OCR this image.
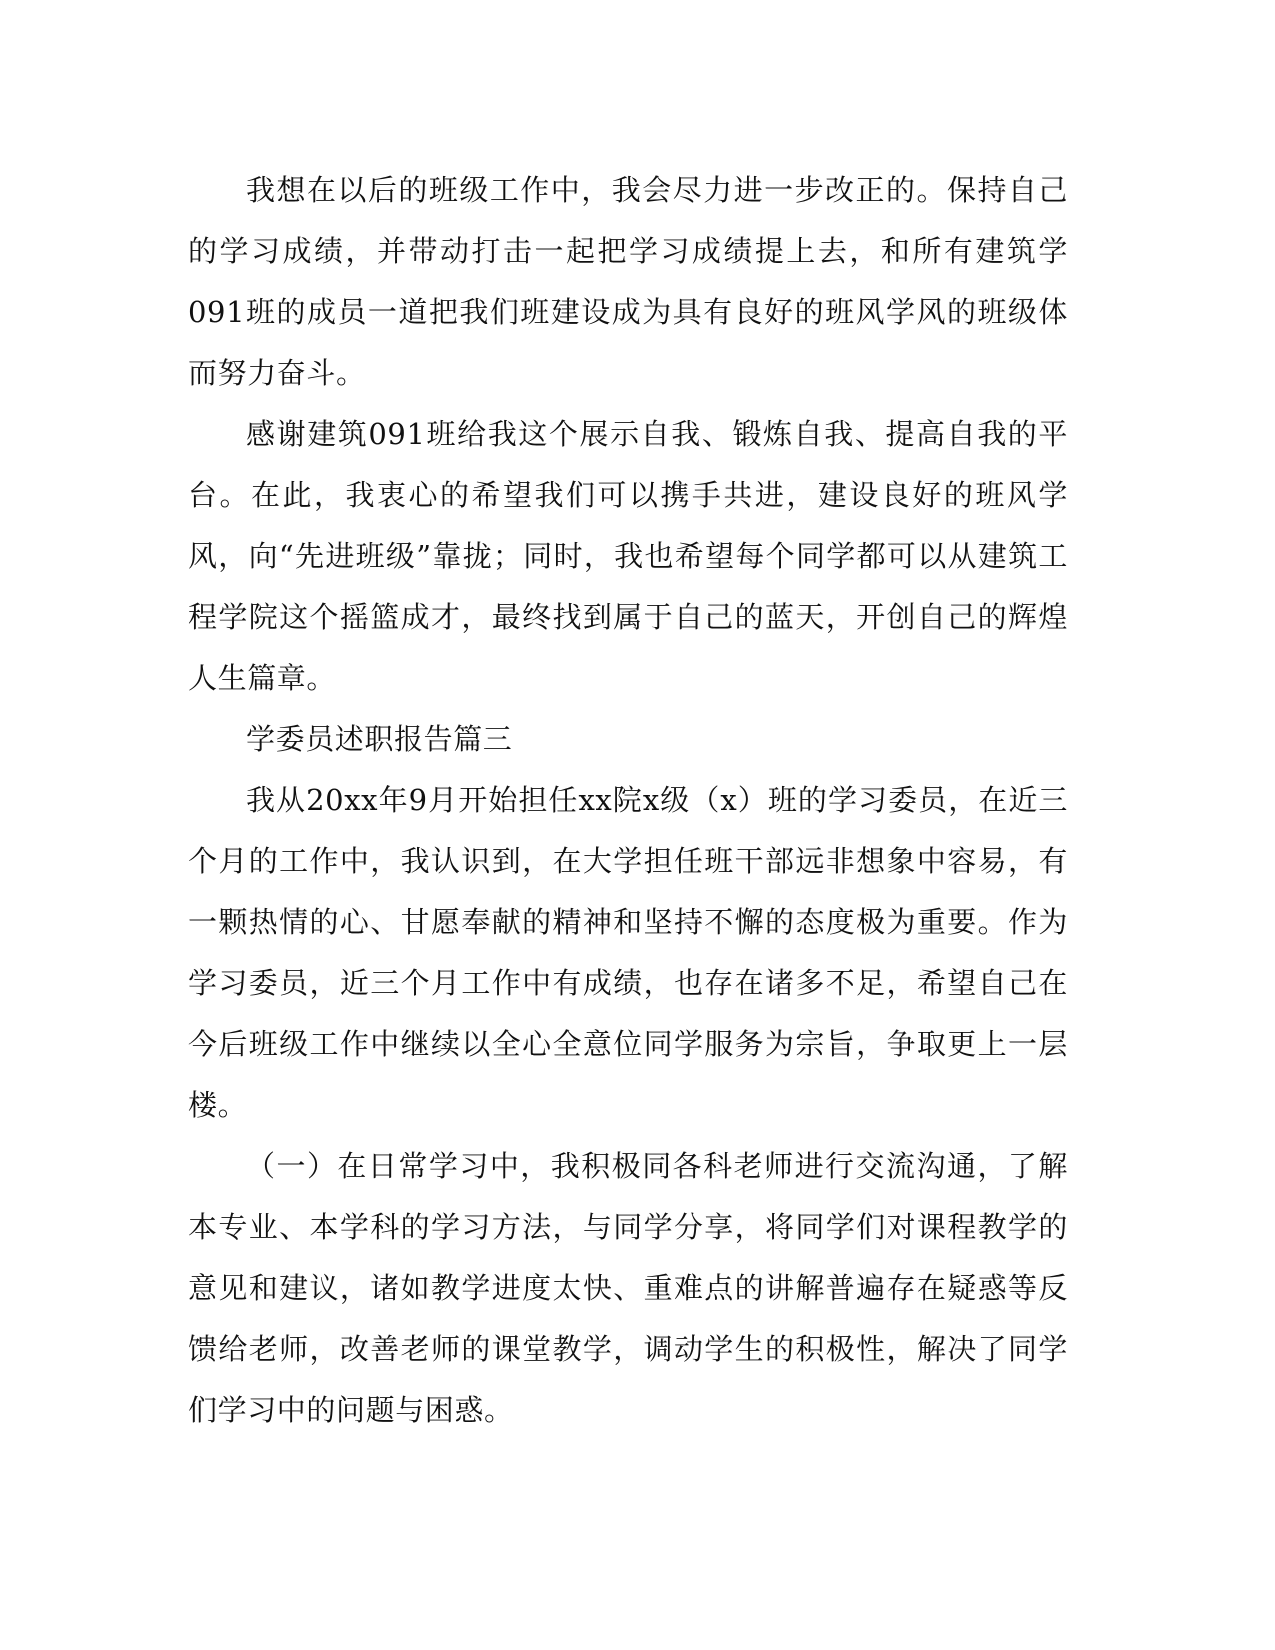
我想在以后的班级工作中，我会尽力进一步改正的。保持自己的学习成绩，并带动打击一起把学习成绩提上去，和所有建筑学091班的成员一道把我们班建设成为具有良好的班风学风的班级体而努力奋斗。

感谢建筑091班给我这个展示自我、锻炼自我、提高自我的平台。在此，我衷心的希望我们可以携手共进，建设良好的班风学风，向“先进班级”靠拢；同时，我也希望每个同学都可以从建筑工程学院这个摇篮成才，最终找到属于自己的蓝天，开创自己的辉煌人生篇章。

学委员述职报告篇三

我从20xx年9月开始担任xx院x级（x）班的学习委员，在近三个月的工作中，我认识到，在大学担任班干部远非想象中容易，有一颗热情的心、甘愿奉献的精神和坚持不懈的态度极为重要。作为学习委员，近三个月工作中有成绩，也存在诸多不足，希望自己在今后班级工作中继续以全心全意位同学服务为宗旨，争取更上一层楼。

（一）在日常学习中，我积极同各科老师进行交流沟通，了解本专业、本学科的学习方法，与同学分享，将同学们对课程教学的意见和建议，诸如教学进度太快、重难点的讲解普遍存在疑惑等反馈给老师，改善老师的课堂教学，调动学生的积极性，解决了同学们学习中的问题与困惑。
